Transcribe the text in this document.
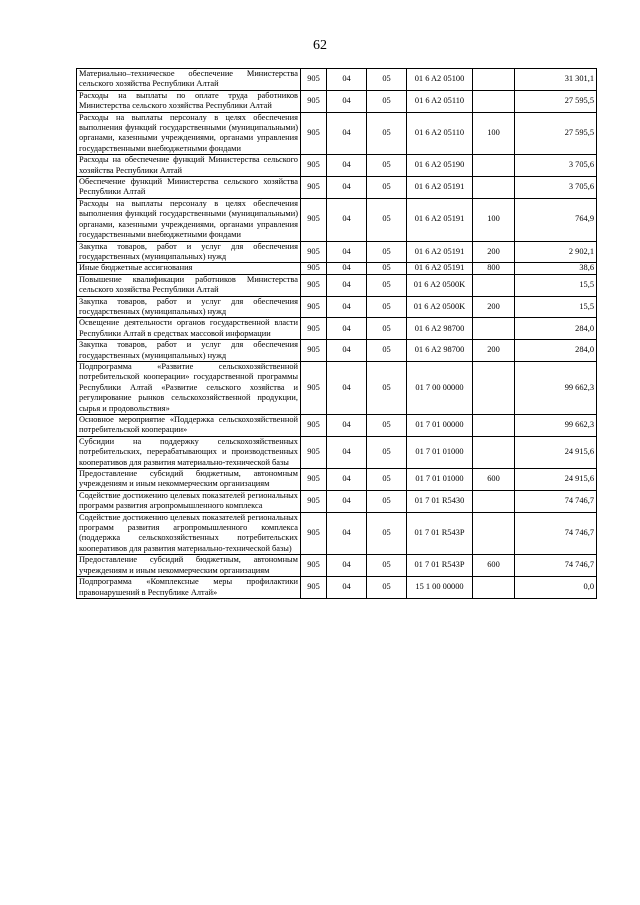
62
Материально–техническое обеспечение Министерства сельского хозяйства Республики Алтай	905	04	05	01 6 A2 05100		31 301,1
Расходы на выплаты по оплате труда работников Министерства сельского хозяйства Республики Алтай	905	04	05	01 6 A2 05110		27 595,5
Расходы на выплаты персоналу в целях обеспечения выполнения функций государственными (муниципальными) органами, казенными учреждениями, органами управления государственными внебюджетными фондами	905	04	05	01 6 A2 05110	100	27 595,5
Расходы на обеспечение функций Министерства сельского хозяйства Республики Алтай	905	04	05	01 6 A2 05190		3 705,6
Обеспечение функций Министерства сельского хозяйства Республики Алтай	905	04	05	01 6 A2 05191		3 705,6
Расходы на выплаты персоналу в целях обеспечения выполнения функций государственными (муниципальными) органами, казенными учреждениями, органами управления государственными внебюджетными фондами	905	04	05	01 6 A2 05191	100	764,9
Закупка товаров, работ и услуг для обеспечения государственных (муниципальных) нужд	905	04	05	01 6 A2 05191	200	2 902,1
Иные бюджетные ассигнования	905	04	05	01 6 A2 05191	800	38,6
Повышение квалификации работников Министерства сельского хозяйства Республики Алтай	905	04	05	01 6 A2 0500K		15,5
Закупка товаров, работ и услуг для обеспечения государственных (муниципальных) нужд	905	04	05	01 6 A2 0500K	200	15,5
Освещение деятельности органов государственной власти Республики Алтай в средствах массовой информации	905	04	05	01 6 A2 98700		284,0
Закупка товаров, работ и услуг для обеспечения государственных (муниципальных) нужд	905	04	05	01 6 A2 98700	200	284,0
Подпрограмма «Развитие сельскохозяйственной потребительской кооперации» государственной программы Республики Алтай «Развитие сельского хозяйства и регулирование рынков сельскохозяйственной продукции, сырья и продовольствия»	905	04	05	01 7 00 00000		99 662,3
Основное мероприятие «Поддержка сельскохозяйственной потребительской кооперации»	905	04	05	01 7 01 00000		99 662,3
Субсидии на поддержку сельскохозяйственных потребительских, перерабатывающих и производственных кооперативов для развития материально-технической базы	905	04	05	01 7 01 01000		24 915,6
Предоставление субсидий бюджетным, автономным учреждениям и иным некоммерческим организациям	905	04	05	01 7 01 01000	600	24 915,6
Содействие достижению целевых показателей региональных программ развития агропромышленного комплекса	905	04	05	01 7 01 R5430		74 746,7
Содействие достижению целевых показателей региональных программ развития агропромышленного комплекса (поддержка сельскохозяйственных потребительских кооперативов для развития материально-технической базы)	905	04	05	01 7 01 R543P		74 746,7
Предоставление субсидий бюджетным, автономным учреждениям и иным некоммерческим организациям	905	04	05	01 7 01 R543P	600	74 746,7
Подпрограмма «Комплексные меры профилактики правонарушений в Республике Алтай»	905	04	05	15 1 00 00000		0,0
